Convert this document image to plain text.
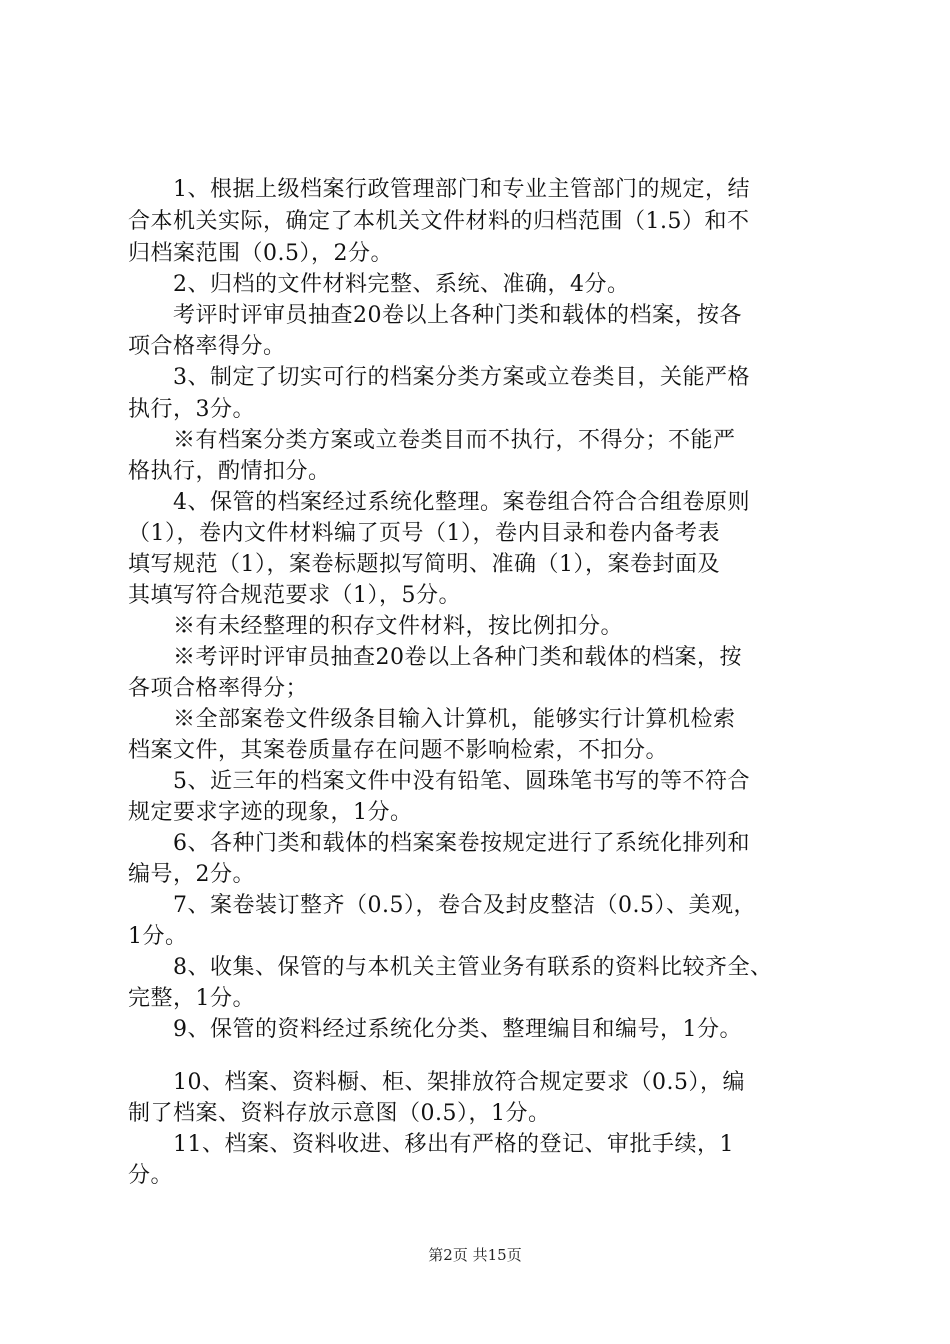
　　1、根据上级档案行政管理部门和专业主管部门的规定，结
合本机关实际，确定了本机关文件材料的归档范围（1.5）和不
归档案范围（0.5），2分。
　　2、归档的文件材料完整、系统、准确，4分。
　　考评时评审员抽查20卷以上各种门类和载体的档案，按各
项合格率得分。
　　3、制定了切实可行的档案分类方案或立卷类目，关能严格
执行，3分。
　　※有档案分类方案或立卷类目而不执行，不得分；不能严
格执行，酌情扣分。
　　4、保管的档案经过系统化整理。案卷组合符合合组卷原则
（1），卷内文件材料编了页号（1），卷内目录和卷内备考表
填写规范（1），案卷标题拟写简明、准确（1），案卷封面及
其填写符合规范要求（1），5分。
　　※有未经整理的积存文件材料，按比例扣分。
　　※考评时评审员抽查20卷以上各种门类和载体的档案，按
各项合格率得分；
　　※全部案卷文件级条目输入计算机，能够实行计算机检索
档案文件，其案卷质量存在问题不影响检索，不扣分。
　　5、近三年的档案文件中没有铅笔、圆珠笔书写的等不符合
规定要求字迹的现象，1分。
　　6、各种门类和载体的档案案卷按规定进行了系统化排列和
编号，2分。
　　7、案卷装订整齐（0.5），卷合及封皮整洁（0.5）、美观，
1分。
　　8、收集、保管的与本机关主管业务有联系的资料比较齐全、
完整，1分。
　　9、保管的资料经过系统化分类、整理编目和编号，1分。
　　10、档案、资料橱、柜、架排放符合规定要求（0.5），编
制了档案、资料存放示意图（0.5），1分。
　　11、档案、资料收进、移出有严格的登记、审批手续，1
分。
第2页 共15页
